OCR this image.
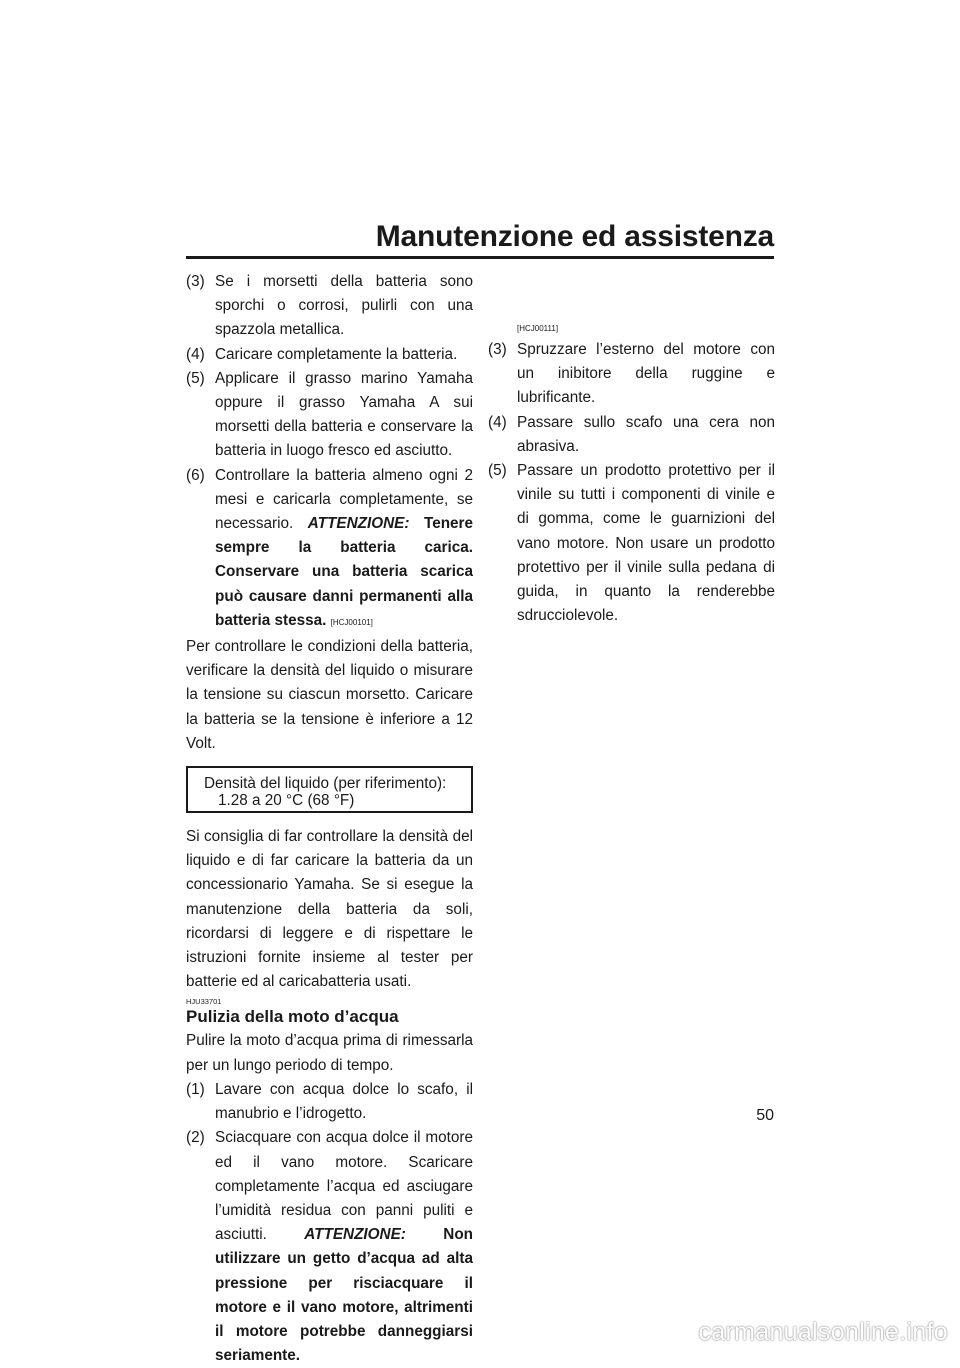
Manutenzione ed assistenza
(3) Se i morsetti della batteria sono sporchi o corrosi, pulirli con una spazzola metallica.
(4) Caricare completamente la batteria.
(5) Applicare il grasso marino Yamaha oppure il grasso Yamaha A sui morsetti della batteria e conservare la batteria in luogo fresco ed asciutto.
(6) Controllare la batteria almeno ogni 2 mesi e caricarla completamente, se necessario. ATTENZIONE: Tenere sempre la batteria carica. Conservare una batteria scarica può causare danni permanenti alla batteria stessa. [HCJ00101]

Per controllare le condizioni della batteria, verificare la densità del liquido o misurare la tensione su ciascun morsetto. Caricare la batteria se la tensione è inferiore a 12 Volt.

Densità del liquido (per riferimento):
1.28 a 20 °C (68 °F)

Si consiglia di far controllare la densità del liquido e di far caricare la batteria da un concessionario Yamaha. Se si esegue la manutenzione della batteria da soli, ricordarsi di leggere e di rispettare le istruzioni fornite insieme al tester per batterie ed al caricabatteria usati.

HJU33701
Pulizia della moto d’acqua

Pulire la moto d’acqua prima di rimessarla per un lungo periodo di tempo.

(1) Lavare con acqua dolce lo scafo, il manubrio e l’idrogetto.
(2) Sciacquare con acqua dolce il motore ed il vano motore. Scaricare completamente l’acqua ed asciugare l’umidità residua con panni puliti e asciutti. ATTENZIONE: Non utilizzare un getto d’acqua ad alta pressione per risciacquare il motore e il vano motore, altrimenti il motore potrebbe danneggiarsi seriamente.
[HCJ00111]
(3) Spruzzare l’esterno del motore con un inibitore della ruggine e lubrificante.
(4) Passare sullo scafo una cera non abrasiva.
(5) Passare un prodotto protettivo per il vinile su tutti i componenti di vinile e di gomma, come le guarnizioni del vano motore. Non usare un prodotto protettivo per il vinile sulla pedana di guida, in quanto la renderebbe sdrucciolevole.
50
carmanualsonline.info
